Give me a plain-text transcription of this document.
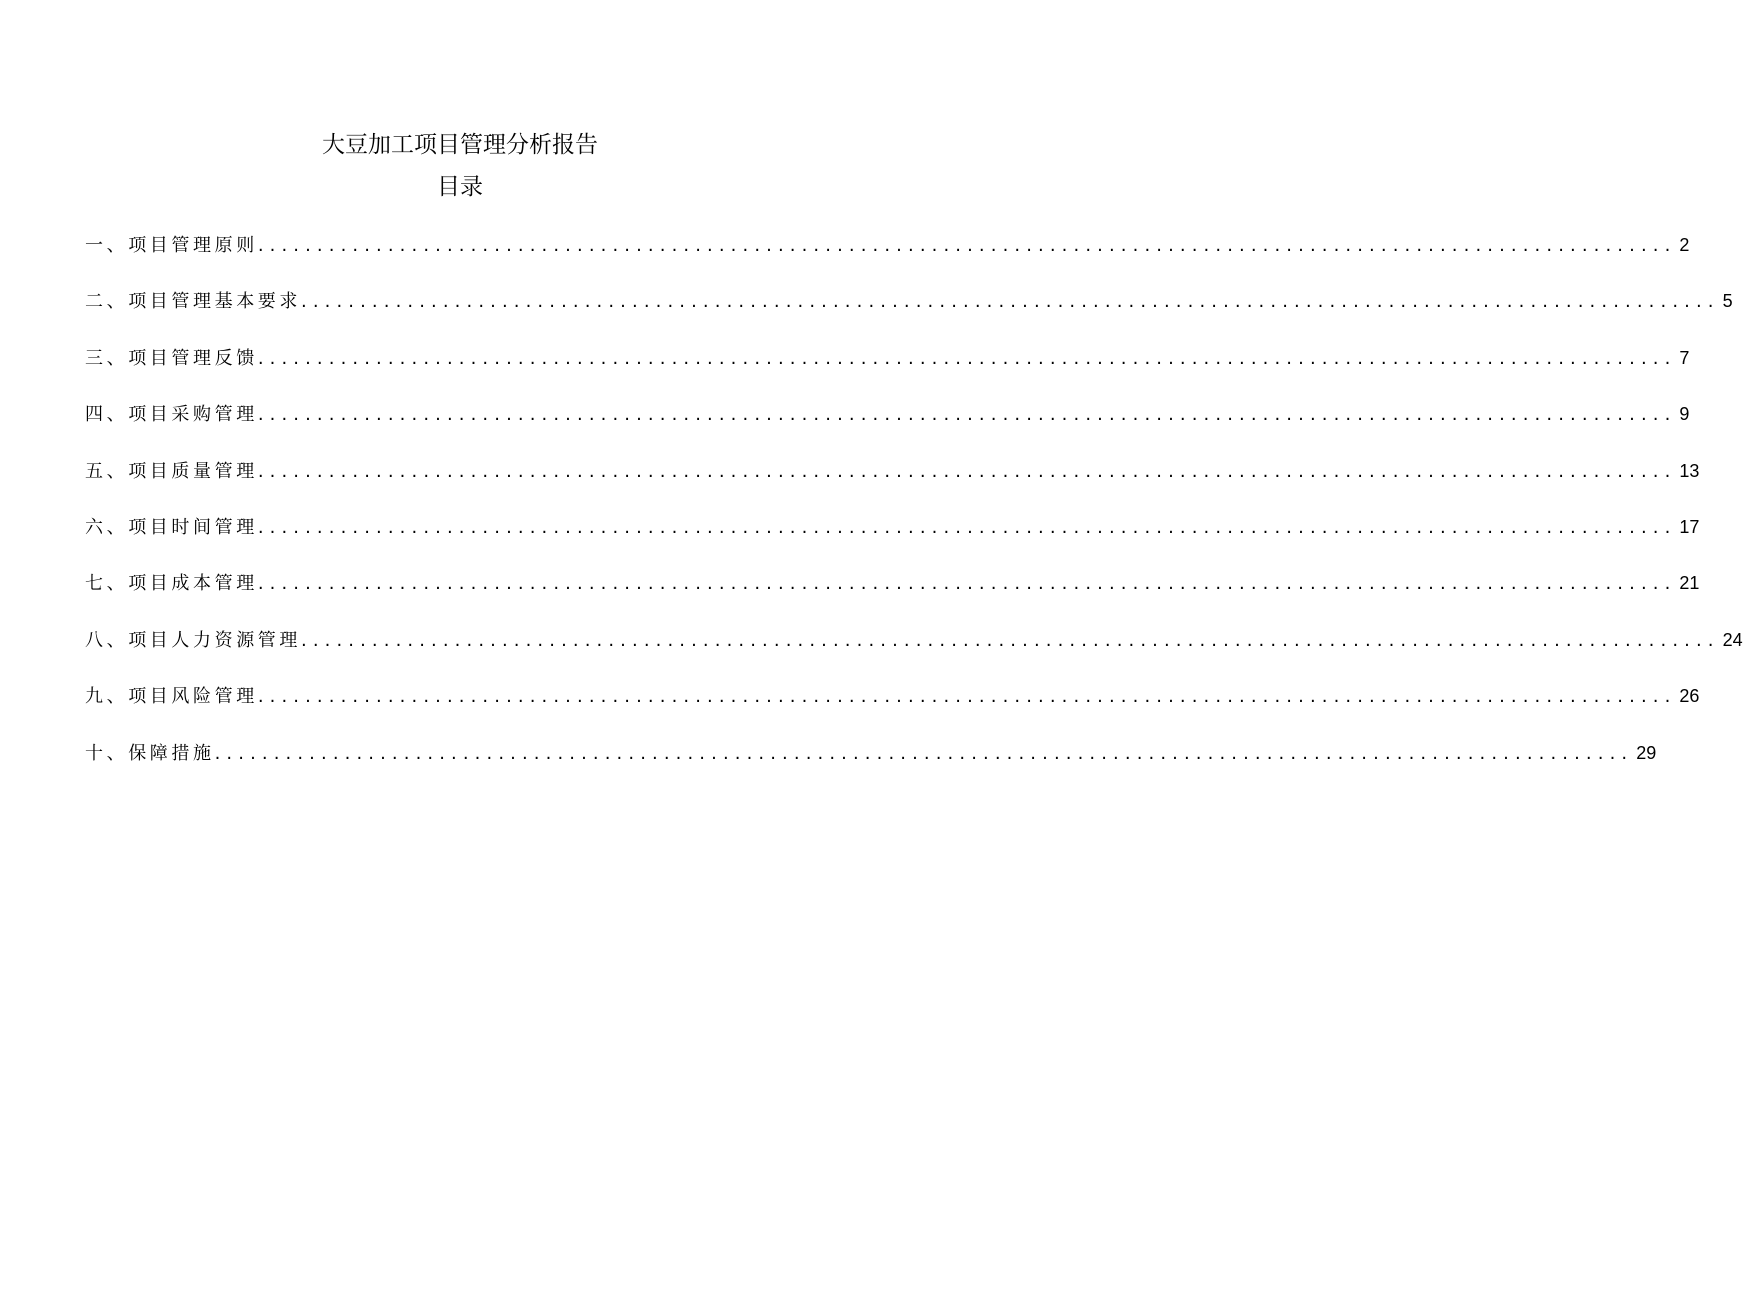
大豆加工项目管理分析报告
目录
一、项目管理原则 ........................................................................................................................ 2
二、项目管理基本要求 ........................................................................................................................ 5
三、项目管理反馈 ........................................................................................................................ 7
四、项目采购管理 ........................................................................................................................ 9
五、项目质量管理 ........................................................................................................................ 13
六、项目时间管理 ........................................................................................................................ 17
七、项目成本管理 ........................................................................................................................ 21
八、项目人力资源管理 ........................................................................................................................ 24
九、项目风险管理 ........................................................................................................................ 26
十、保障措施 ........................................................................................................................ 29
